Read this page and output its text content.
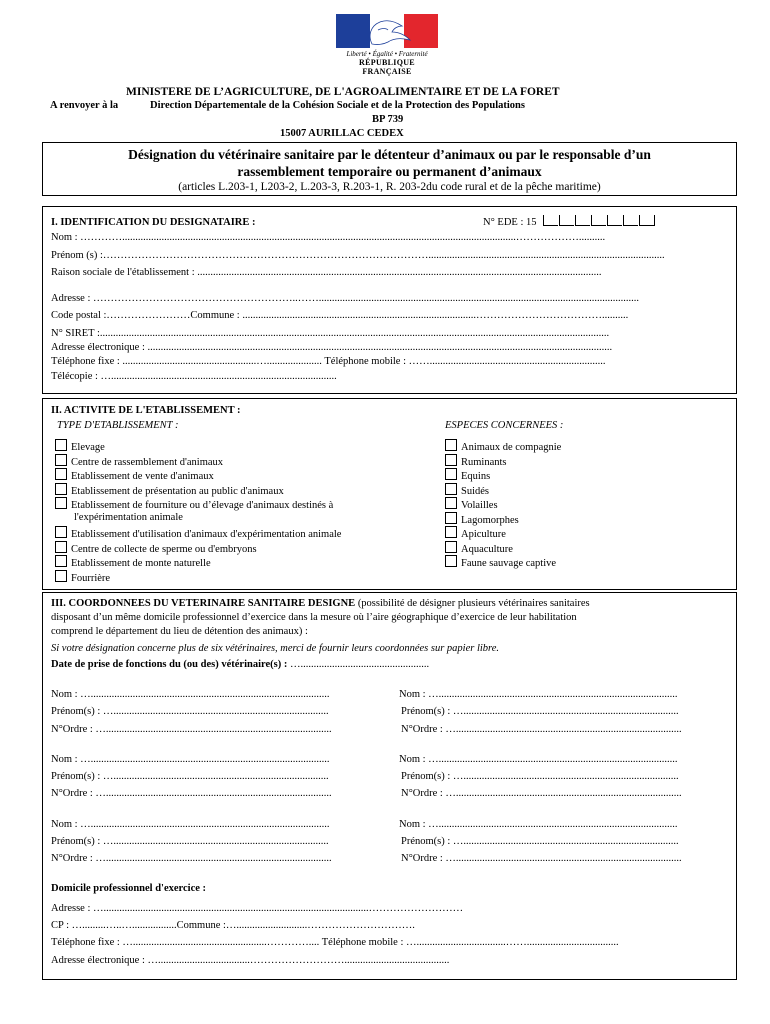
Liberté • Égalité • Fraternité
RÉPUBLIQUE FRANÇAISE
MINISTERE DE L’AGRICULTURE, DE L'AGROALIMENTAIRE ET DE LA FORET
A renvoyer à la	Direction Départementale de la Cohésion Sociale et de la Protection des Populations
BP 739
15007 AURILLAC CEDEX
Désignation du vétérinaire sanitaire par le détenteur d’animaux ou par le responsable d’un
rassemblement temporaire ou permanent d’animaux
(articles L.203-1, L203-2, L.203-3, R.203-1, R. 203-2du code rural et de la pêche maritime)
I. IDENTIFICATION DU DESIGNATAIRE :	N° EDE : 15
Nom : …………......................................................................................................................................................………………..........
Prénom (s) :…………………………………………………………………………………..........................................................................................
Raison sociale de l'établissement : ..........................................................................................................................................................
Adresse : …………………………………………………..……..........................................................................................................................
Code postal :……………………Commune : .........................................................................................………………………………..........
N° SIRET :..................................................................................................................................................................................................
Adresse électronique : .................................................................................................................................................................................
Téléphone fixe : ...................................................…..................... Téléphone mobile : ……...................................................................
Télécopie : …......................................................................................
II. ACTIVITE DE L'ETABLISSEMENT :
TYPE D'ETABLISSEMENT :	ESPECES CONCERNEES :
Elevage
Centre de rassemblement d'animaux
Etablissement de vente d'animaux
Etablissement de présentation au public d'animaux
Etablissement de fourniture ou d’élevage d'animaux destinés à
l'expérimentation animale
Etablissement d'utilisation d'animaux d'expérimentation animale
Centre de collecte de sperme ou d'embryons
Etablissement de monte naturelle
Fourrière
Animaux de compagnie
Ruminants
Equins
Suidés
Volailles
Lagomorphes
Apiculture
Aquaculture
Faune sauvage captive
III. COORDONNEES DU VETERINAIRE SANITAIRE DESIGNE (possibilité de désigner plusieurs vétérinaires sanitaires
disposant d’un même domicile professionnel d’exercice dans la mesure où l’aire géographique d’exercice de leur habilitation
comprend le département du lieu de détention des animaux) :
Si votre désignation concerne plus de six vétérinaires, merci de fournir leurs coordonnées sur papier libre.
Date de prise de fonctions du (ou des) vétérinaire(s) : ….................................................
Nom : …...........................................................................................
Prénom(s) : …..................................................................................
N°Ordre : …......................................................................................
Nom : …...........................................................................................
Prénom(s) : …..................................................................................
N°Ordre : …......................................................................................
Nom : …...........................................................................................
Prénom(s) : …..................................................................................
N°Ordre : …......................................................................................
Nom : …...........................................................................................
Prénom(s) : …..................................................................................
N°Ordre : …......................................................................................
Nom : …...........................................................................................
Prénom(s) : …..................................................................................
N°Ordre : …......................................................................................
Nom : …...........................................................................................
Prénom(s) : …..................................................................................
N°Ordre : …......................................................................................
Domicile professionnel d'exercice :
Adresse : ….....................................................................................................………………………
CP : ….........…..….................Commune :…...........................………………………….
Téléphone fixe : …...................................................………….... Téléphone mobile : …..................................……...................................
Adresse électronique : …...................................………………………........................................
